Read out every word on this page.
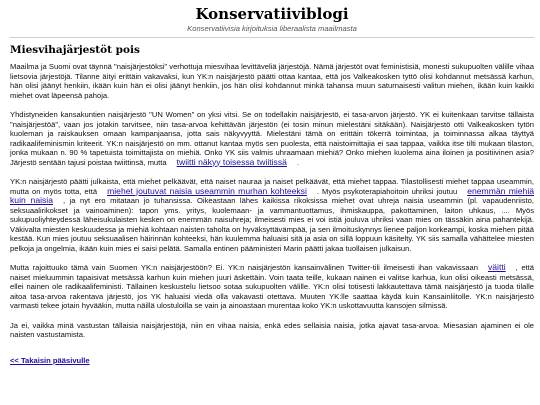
Konservatiiviblogi
Konservatiivisia kirjoituksia liberaalista maailmasta
Miesvihajärjestöt pois

Maailma ja Suomi ovat täynnä "naisjärjestöksi" verhottuja miesvihaa levittäveliä järjestöjä. Nämä järjestöt ovat feministisiä, monesti sukupuolten välille vihaa lietsovia järjestöjä. Tilanne äityi erittäin vakavaksi, kun YK:n naisjärjestö päätti ottaa kantaa, että jos Valkeakosken tyttö olisi kohdannut metsässä karhun, hän olisi jäänyt henkiin, ikään kuin hän ei olisi jäänyt henkiin, jos hän olisi kohdannut minkä tahansa muun saturnaisesti valitun miehen, ikään kuin kaikki miehet ovat läpeensä pahoja.

Yhdistyneiden kansakuntien naisjärjestö "UN Women" on yksi vitsi. Se on todellakin naisjärjestö, ei tasa-arvon järjestö. YK ei kuitenkaan tarvitse tällaista "naisjärjestöä", vaan jos jotakin tarvitsee, niin tasa-arvoa kehittävän järjestön (ei tosin minun mielestäni sitäkään). Naisjärjestö otti Valkeakosken tytön kuoleman ja raiskauksen omaan kampanjaansa, jotta sais näkyvyyttä. Mielestäni tämä on erittäin tökerrä toimintaa, ja toiminnassa alkaa täyttyä radikaalifeminismin kriteerit. YK:n naisjärjestö on mm. ottanut kantaa myös sen puolesta, että naistoimittajia ei saa tappaa, vaikka itse tilti mukaan tilaston, jonka mukaan n. 90 % tapetuista toimittajista on miehiä. Onko YK siis valmis uhraamaan miehiä? Onko miehen kuolema aina iloinen ja positiivinen asia? Järjestö sentään tajusi poistaa twiittinsä, mutta twiitti näkyy toisessa twiitissä .

YK:n naisjärjestö päätti julkaista, että miehet pelkäävät, että naiset nauraa ja naiset pelkäävät, että miehet tappaa. Tilastollisesti miehet tappaa useammin, mutta on myös totta, että miehet joutuvat naisia useammin murhan kohteeksi . Myös psykoterapiahoitoin uhriksi joutuu enemmän miehiä kuin naisia , ja nyt ero mitataan jo tuhansissa. Oikeastaan lähes kaikissa rikoksissa miehet ovat uhreja naisia useammin (pl. vapaudenriisto, seksuaalirikokset ja vainoaminen): tapon yms. yritys, kuolemaan- ja vammantuottamus, ihmiskauppa, pakottaminen, laiton uhkaus, .... Myös sukupuoliyhteydessä läheisukulaisten kesken on enemmän naisuhreja; ilmeisesti mies ei voi istiä jouluva uhriksi vaan mies on tässäkin aina pahantekijä. Väkivalta miesten keskuudessa ja miehiä kohtaan naisten taholta on hyväksyttävämpää, ja sen ilmoituskynnys lienee paljon korkeampi, koska miehen pitää kestää. Kun mies joutuu seksuaalisen häirinnän kohteeksi, hän kuulemma haluaisi sitä ja asia on sillä loppuun käsitelty. YK siis samalla vähättelee miesten pelkoja ja ongelmia, ikään kuin mies ei saisi pelätä. Samalla entinen pääministeri Marin päätti jakaa tuollaisen julkaisun.

Mutta rajoittuuko tämä vain Suomen YK:n naisjärjestöön? Ei. YK:n naisjärjestön kansainvälinen Twitter-tili ilmeisesti ihan vakavissaan väitti , että naiset mieluummin tapaisivat metsässä karhun kuin miehen juuri äskettäin. Voin taata teille, kukaan nainen ei valitse karhua, kun olisi oikeasti metsässä, ellei nainen ole radikaalifeministi. Tällainen keskustelu lietsoo sotaa sukupuolten välille. YK:n olisi totisesti lakkautettava tämä naisjärjestö ja tuoda tilalle aitoa tasa-arvoa rakentava järjestö, jos YK haluaisi viedä olla vakavasti otettava. Muuten YK:lle saattaa käydä kuin Kansainliitolle. YK:n naisjärjestö varmasti tekee jotain hyvääkin, mutta näillä ulostuloilla se vain ja ainoastaan murentaa koko YK:n uskottavuutta kansojen silmissä.

Ja ei, vaikka minä vastustan tällaisia naisjärjestöjä, niin en vihaa naisia, enkä edes sellaisia naisia, jotka ajavat tasa-arvoa. Miesasian ajaminen ei ole naisten vastustamista.

<< Takaisin pääsivulle
